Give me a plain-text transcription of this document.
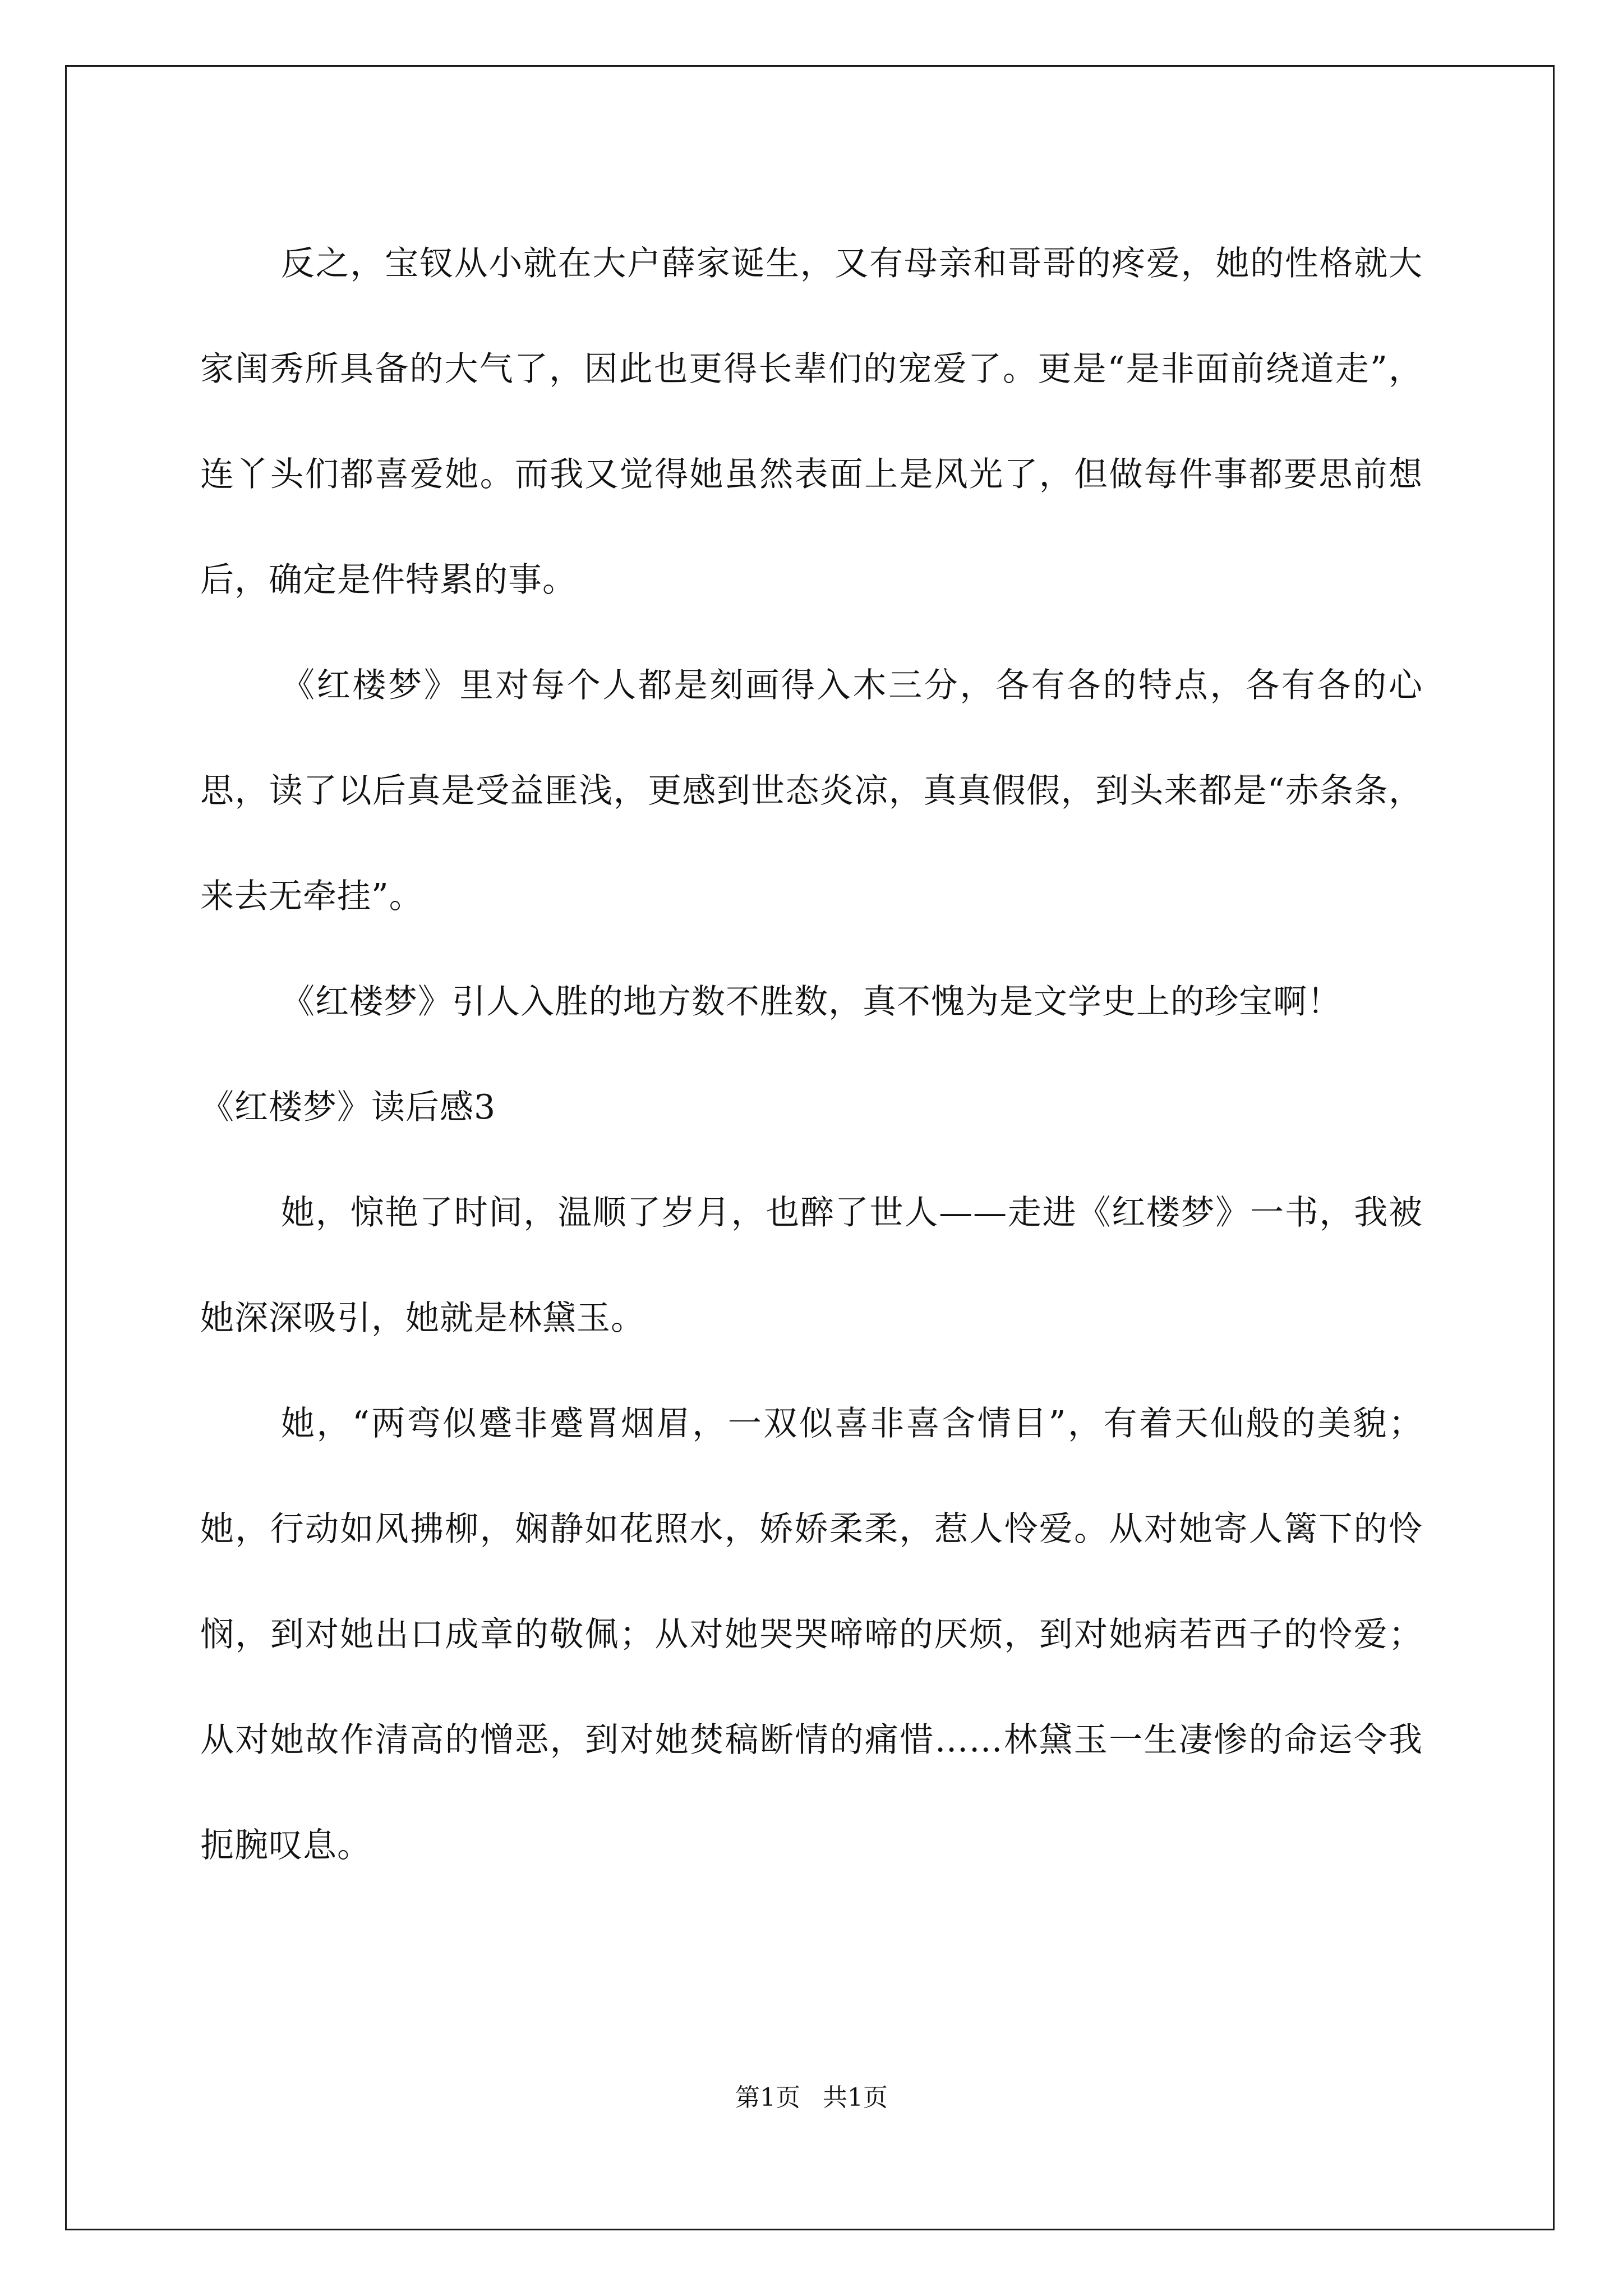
反之，宝钗从小就在大户薛家诞生，又有母亲和哥哥的疼爱，她的性格就大家闺秀所具备的大气了，因此也更得长辈们的宠爱了。更是“是非面前绕道走”，连丫头们都喜爱她。而我又觉得她虽然表面上是风光了，但做每件事都要思前想后，确定是件特累的事。

《红楼梦》里对每个人都是刻画得入木三分，各有各的特点，各有各的心思，读了以后真是受益匪浅，更感到世态炎凉，真真假假，到头来都是“赤条条，来去无牵挂”。

《红楼梦》引人入胜的地方数不胜数，真不愧为是文学史上的珍宝啊！

《红楼梦》读后感3

她，惊艳了时间，温顺了岁月，也醉了世人——走进《红楼梦》一书，我被她深深吸引，她就是林黛玉。

她，“两弯似蹙非蹙罥烟眉，一双似喜非喜含情目”，有着天仙般的美貌；她，行动如风拂柳，娴静如花照水，娇娇柔柔，惹人怜爱。从对她寄人篱下的怜悯，到对她出口成章的敬佩；从对她哭哭啼啼的厌烦，到对她病若西子的怜爱；从对她故作清高的憎恶，到对她焚稿断情的痛惜……林黛玉一生凄惨的命运令我扼腕叹息。

第1页 共1页
